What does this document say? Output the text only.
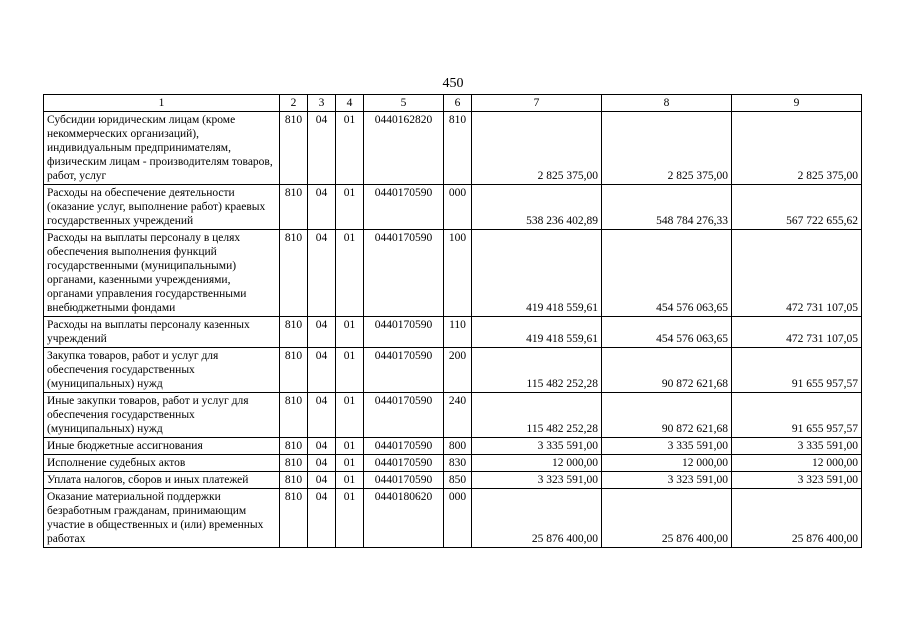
450
1	2	3	4	5	6	7	8	9
Субсидии юридическим лицам (кроме некоммерческих организаций), индивидуальным предпринимателям, физическим лицам - производителям товаров, работ, услуг	810	04	01	0440162820	810	2 825 375,00	2 825 375,00	2 825 375,00
Расходы на обеспечение деятельности (оказание услуг, выполнение работ) краевых государственных учреждений	810	04	01	0440170590	000	538 236 402,89	548 784 276,33	567 722 655,62
Расходы на выплаты персоналу в целях обеспечения выполнения функций государственными (муниципальными) органами, казенными учреждениями, органами управления государственными внебюджетными фондами	810	04	01	0440170590	100	419 418 559,61	454 576 063,65	472 731 107,05
Расходы на выплаты персоналу казенных учреждений	810	04	01	0440170590	110	419 418 559,61	454 576 063,65	472 731 107,05
Закупка товаров, работ и услуг для обеспечения государственных (муниципальных) нужд	810	04	01	0440170590	200	115 482 252,28	90 872 621,68	91 655 957,57
Иные закупки товаров, работ и услуг для обеспечения государственных (муниципальных) нужд	810	04	01	0440170590	240	115 482 252,28	90 872 621,68	91 655 957,57
Иные бюджетные ассигнования	810	04	01	0440170590	800	3 335 591,00	3 335 591,00	3 335 591,00
Исполнение судебных актов	810	04	01	0440170590	830	12 000,00	12 000,00	12 000,00
Уплата налогов, сборов и иных платежей	810	04	01	0440170590	850	3 323 591,00	3 323 591,00	3 323 591,00
Оказание материальной поддержки безработным гражданам, принимающим участие в общественных и (или) временных работах	810	04	01	0440180620	000	25 876 400,00	25 876 400,00	25 876 400,00
